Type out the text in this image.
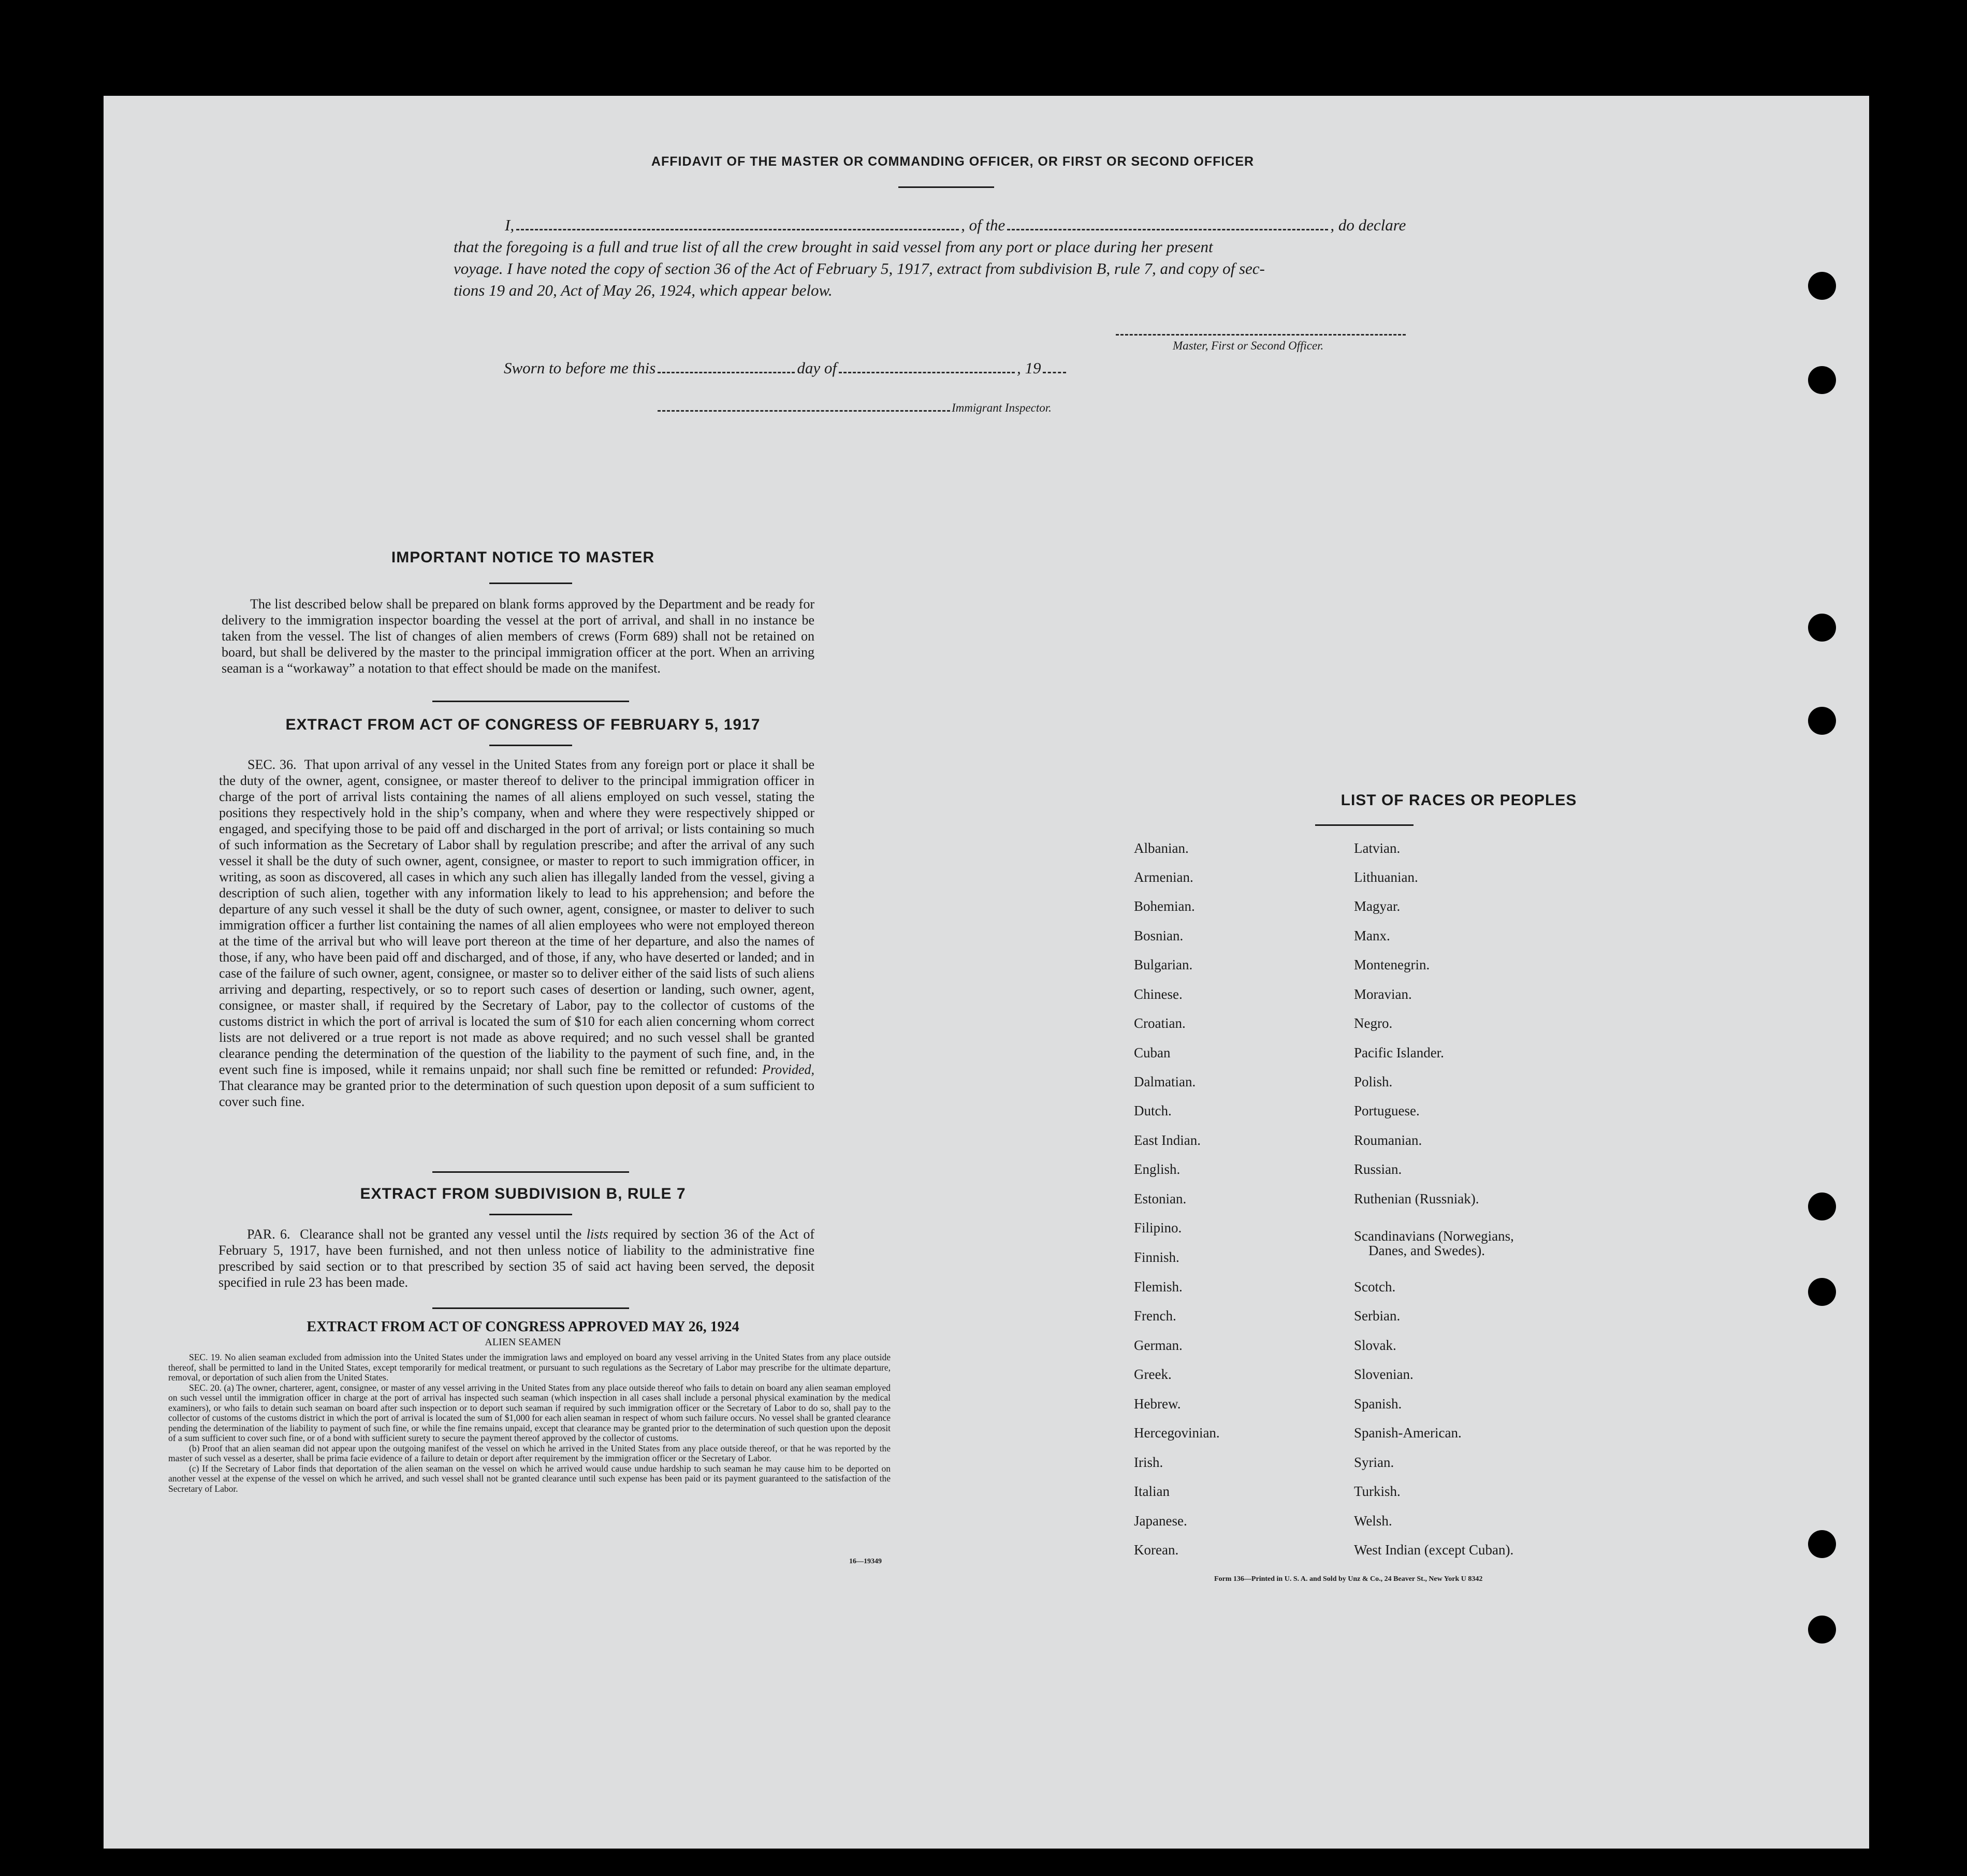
AFFIDAVIT OF THE MASTER OR COMMANDING OFFICER, OR FIRST OR SECOND OFFICER
I,	, of the	, do declare
that the foregoing is a full and true list of all the crew brought in said vessel from any port or place during her present
voyage. I have noted the copy of section 36 of the Act of February 5, 1917, extract from subdivision B, rule 7, and copy of sec-
tions 19 and 20, Act of May 26, 1924, which appear below.
Master, First or Second Officer.
Sworn to before me this	day of	, 19
Immigrant Inspector.
IMPORTANT NOTICE TO MASTER
The list described below shall be prepared on blank forms approved by the Department and be ready for delivery to the immigration inspector boarding the vessel at the port of arrival, and shall in no instance be taken from the vessel. The list of changes of alien members of crews (Form 689) shall not be retained on board, but shall be delivered by the master to the principal immigration officer at the port. When an arriving seaman is a “workaway” a notation to that effect should be made on the manifest.
EXTRACT FROM ACT OF CONGRESS OF FEBRUARY 5, 1917
SEC. 36. That upon arrival of any vessel in the United States from any foreign port or place it shall be the duty of the owner, agent, consignee, or master thereof to deliver to the principal immigration officer in charge of the port of arrival lists containing the names of all aliens employed on such vessel, stating the positions they respectively hold in the ship’s company, when and where they were respectively shipped or engaged, and specifying those to be paid off and discharged in the port of arrival; or lists containing so much of such information as the Secretary of Labor shall by regulation prescribe; and after the arrival of any such vessel it shall be the duty of such owner, agent, consignee, or master to report to such immigration officer, in writing, as soon as discovered, all cases in which any such alien has illegally landed from the vessel, giving a description of such alien, together with any information likely to lead to his apprehension; and before the departure of any such vessel it shall be the duty of such owner, agent, consignee, or master to deliver to such immigration officer a further list containing the names of all alien employees who were not employed thereon at the time of the arrival but who will leave port thereon at the time of her departure, and also the names of those, if any, who have been paid off and discharged, and of those, if any, who have deserted or landed; and in case of the failure of such owner, agent, consignee, or master so to deliver either of the said lists of such aliens arriving and departing, respectively, or so to report such cases of desertion or landing, such owner, agent, consignee, or master shall, if required by the Secretary of Labor, pay to the collector of customs of the customs district in which the port of arrival is located the sum of $10 for each alien concerning whom correct lists are not delivered or a true report is not made as above required; and no such vessel shall be granted clearance pending the determination of the question of the liability to the payment of such fine, and, in the event such fine is imposed, while it remains unpaid; nor shall such fine be remitted or refunded: Provided, That clearance may be granted prior to the determination of such question upon deposit of a sum sufficient to cover such fine.
EXTRACT FROM SUBDIVISION B, RULE 7
PAR. 6. Clearance shall not be granted any vessel until the lists required by section 36 of the Act of February 5, 1917, have been furnished, and not then unless notice of liability to the administrative fine prescribed by said section or to that prescribed by section 35 of said act having been served, the deposit specified in rule 23 has been made.
EXTRACT FROM ACT OF CONGRESS APPROVED MAY 26, 1924
ALIEN SEAMEN
SEC. 19. No alien seaman excluded from admission into the United States under the immigration laws and employed on board any vessel arriving in the United States from any place outside thereof, shall be permitted to land in the United States, except temporarily for medical treatment, or pursuant to such regulations as the Secretary of Labor may prescribe for the ultimate departure, removal, or deportation of such alien from the United States.
SEC. 20. (a) The owner, charterer, agent, consignee, or master of any vessel arriving in the United States from any place outside thereof who fails to detain on board any alien seaman employed on such vessel until the immigration officer in charge at the port of arrival has inspected such seaman (which inspection in all cases shall include a personal physical examination by the medical examiners), or who fails to detain such seaman on board after such inspection or to deport such seaman if required by such immigration officer or the Secretary of Labor to do so, shall pay to the collector of customs of the customs district in which the port of arrival is located the sum of $1,000 for each alien seaman in respect of whom such failure occurs. No vessel shall be granted clearance pending the determination of the liability to payment of such fine, or while the fine remains unpaid, except that clearance may be granted prior to the determination of such question upon the deposit of a sum sufficient to cover such fine, or of a bond with sufficient surety to secure the payment thereof approved by the collector of customs.
(b) Proof that an alien seaman did not appear upon the outgoing manifest of the vessel on which he arrived in the United States from any place outside thereof, or that he was reported by the master of such vessel as a deserter, shall be prima facie evidence of a failure to detain or deport after requirement by the immigration officer or the Secretary of Labor.
(c) If the Secretary of Labor finds that deportation of the alien seaman on the vessel on which he arrived would cause undue hardship to such seaman he may cause him to be deported on another vessel at the expense of the vessel on which he arrived, and such vessel shall not be granted clearance until such expense has been paid or its payment guaranteed to the satisfaction of the Secretary of Labor.
16—19349
LIST OF RACES OR PEOPLES
Albanian.
Armenian.
Bohemian.
Bosnian.
Bulgarian.
Chinese.
Croatian.
Cuban
Dalmatian.
Dutch.
East Indian.
English.
Estonian.
Filipino.
Finnish.
Flemish.
French.
German.
Greek.
Hebrew.
Hercegovinian.
Irish.
Italian
Japanese.
Korean.
Latvian.
Lithuanian.
Magyar.
Manx.
Montenegrin.
Moravian.
Negro.
Pacific Islander.
Polish.
Portuguese.
Roumanian.
Russian.
Ruthenian (Russniak).
Scandinavians (Norwegians,
Danes, and Swedes).
Scotch.
Serbian.
Slovak.
Slovenian.
Spanish.
Spanish-American.
Syrian.
Turkish.
Welsh.
West Indian (except Cuban).
Form 136—Printed in U. S. A. and Sold by Unz & Co., 24 Beaver St., New York U 8342
